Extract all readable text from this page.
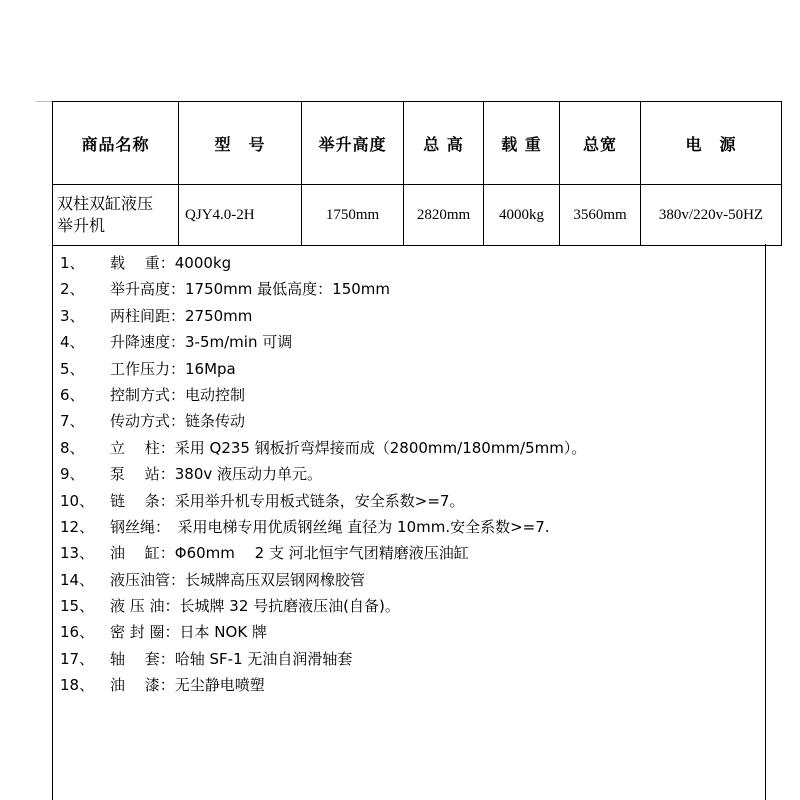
商品名称	型　号	举升高度	总 高	载 重	总宽	电　源

双柱双缸液压
举升机	QJY4.0-2H	1750mm	2820mm	4000kg	3560mm	380v/220v-50HZ
1、 载　 重：4000kg
2、 举升高度：1750mm 最低高度：150mm
3、 两柱间距：2750mm
4、 升降速度：3-5m/min 可调
5、 工作压力：16Mpa
6、 控制方式：电动控制
7、 传动方式：链条传动
8、 立　 柱：采用 Q235 钢板折弯焊接而成（2800mm/180mm/5mm）。
9、 泵　 站：380v 液压动力单元。
10、 链　 条：采用举升机专用板式链条，安全系数>=7。
12、 钢丝绳：　采用电梯专用优质钢丝绳 直径为 10mm.安全系数>=7.
13、 油　 缸：Φ60mm　 2 支 河北恒宇气团精磨液压油缸
14、 液压油管：长城牌高压双层钢网橡胶管
15、 液 压 油：长城牌 32 号抗磨液压油(自备)。
16、 密 封 圈：日本 NOK 牌
17、 轴　 套：哈轴 SF-1 无油自润滑轴套
18、 油　 漆：无尘静电喷塑
